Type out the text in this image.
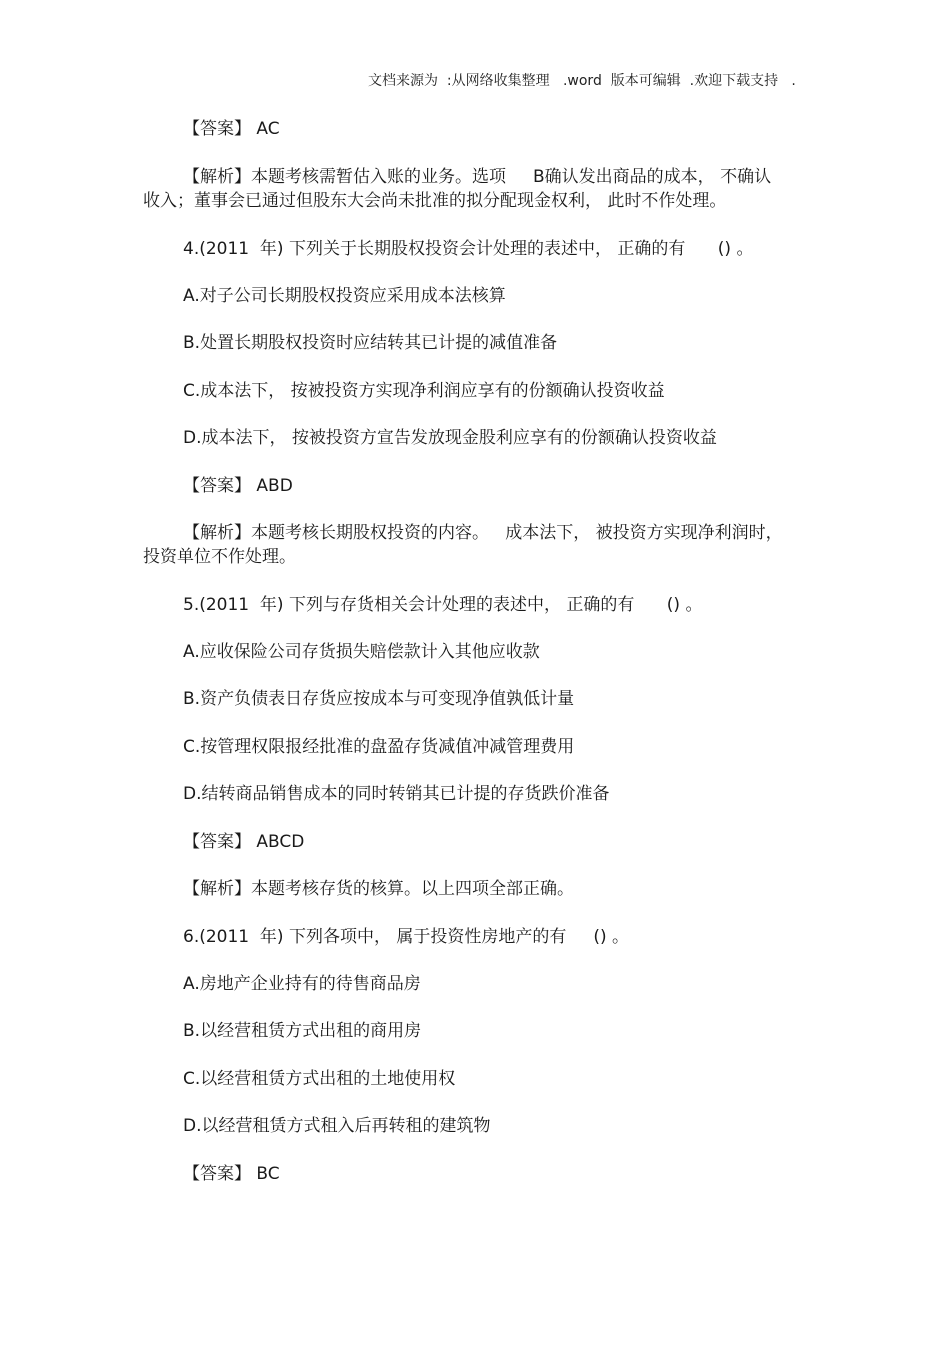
文档来源为  :从网络收集整理   .word  版本可编辑  .欢迎下载支持   .
【答案】 AC
【解析】本题考核需暂估入账的业务。选项     B确认发出商品的成本， 不确认
收入；董事会已通过但股东大会尚未批准的拟分配现金权利， 此时不作处理。
4.(2011  年) 下列关于长期股权投资会计处理的表述中， 正确的有      () 。
A.对子公司长期股权投资应采用成本法核算
B.处置长期股权投资时应结转其已计提的减值准备
C.成本法下， 按被投资方实现净利润应享有的份额确认投资收益
D.成本法下， 按被投资方宣告发放现金股利应享有的份额确认投资收益
【答案】 ABD
【解析】本题考核长期股权投资的内容。   成本法下， 被投资方实现净利润时，
投资单位不作处理。
5.(2011  年) 下列与存货相关会计处理的表述中， 正确的有      () 。
A.应收保险公司存货损失赔偿款计入其他应收款
B.资产负债表日存货应按成本与可变现净值孰低计量
C.按管理权限报经批准的盘盈存货减值冲减管理费用
D.结转商品销售成本的同时转销其已计提的存货跌价准备
【答案】 ABCD
【解析】本题考核存货的核算。以上四项全部正确。
6.(2011  年) 下列各项中， 属于投资性房地产的有     () 。
A.房地产企业持有的待售商品房
B.以经营租赁方式出租的商用房
C.以经营租赁方式出租的土地使用权
D.以经营租赁方式租入后再转租的建筑物
【答案】 BC
